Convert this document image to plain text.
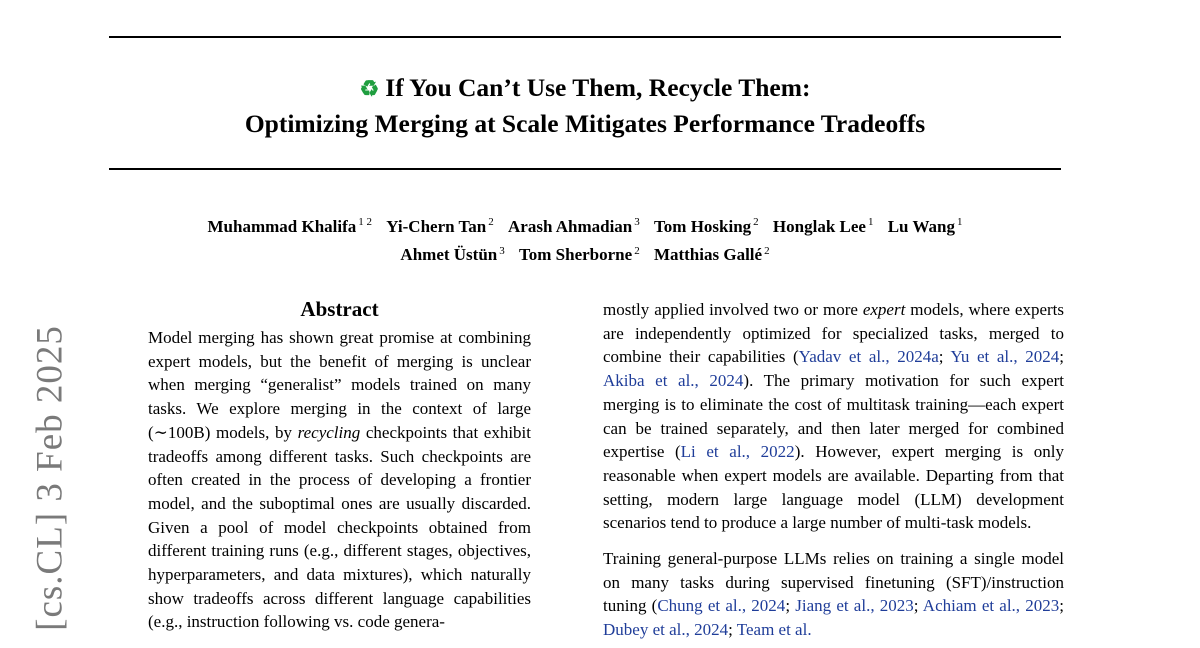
♻ If You Can’t Use Them, Recycle Them:
Optimizing Merging at Scale Mitigates Performance Tradeoffs
Muhammad Khalifa $^{1 2}$ Yi-Chern Tan $^2$ Arash Ahmadian $^3$ Tom Hosking $^2$ Honglak Lee $^1$ Lu Wang $^1$
Ahmet Üstün $^3$ Tom Sherborne $^2$ Matthias Gallé $^2$
[cs.CL] 3 Feb 2025
Abstract

Model merging has shown great promise at combining expert models, but the benefit of merging is unclear when merging “generalist” models trained on many tasks. We explore merging in the context of large (∼100B) models, by recycling checkpoints that exhibit tradeoffs among different tasks. Such checkpoints are often created in the process of developing a frontier model, and the suboptimal ones are usually discarded. Given a pool of model checkpoints obtained from different training runs (e.g., different stages, objectives, hyperparameters, and data mixtures), which naturally show tradeoffs across different language capabilities (e.g., instruction following vs. code genera-

mostly applied involved two or more expert models, where experts are independently optimized for specialized tasks, merged to combine their capabilities (Yadav et al., 2024a; Yu et al., 2024; Akiba et al., 2024). The primary motivation for such expert merging is to eliminate the cost of multitask training—each expert can be trained separately, and then later merged for combined expertise (Li et al., 2022). However, expert merging is only reasonable when expert models are available. Departing from that setting, modern large language model (LLM) development scenarios tend to produce a large number of multi-task models.

Training general-purpose LLMs relies on training a single model on many tasks during supervised finetuning (SFT)/instruction tuning (Chung et al., 2024; Jiang et al., 2023; Achiam et al., 2023; Dubey et al., 2024; Team et al.
